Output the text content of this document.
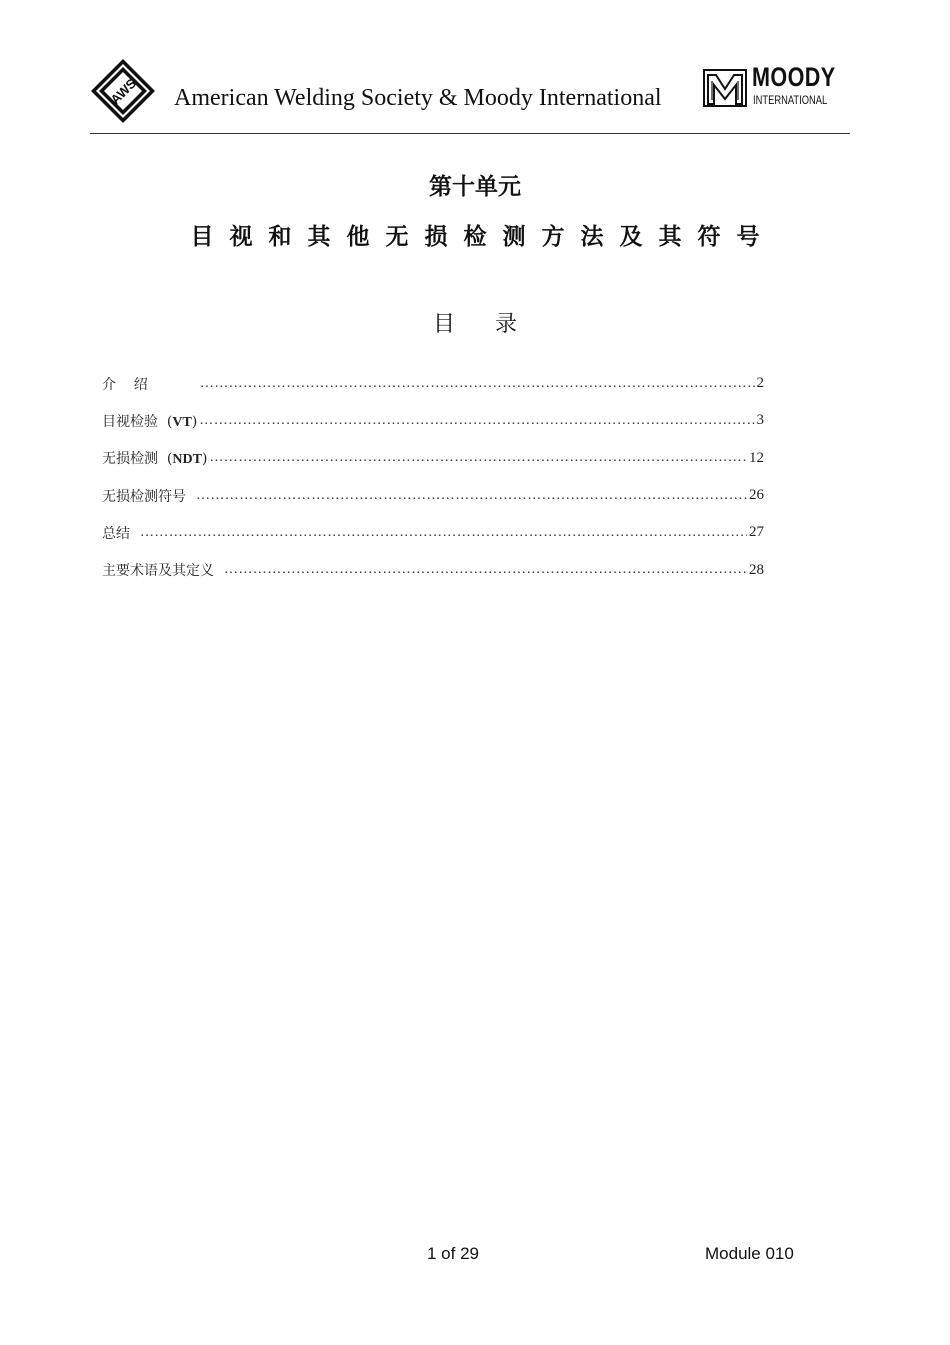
AWS American Welding Society & Moody International
MOODY
INTERNATIONAL
第十单元
目视和其他无损检测方法及其符号
目录
介    绍 …………………………………………………………………………………………………………………………………………………	2
目视检验  (VT) …………………………………………………………………………………………………………………………………………………	3
无损检测  (NDT) …………………………………………………………………………………………………………………………………………………	12
无损检测符号 …………………………………………………………………………………………………………………………………………………	26
总结 …………………………………………………………………………………………………………………………………………………	27
主要术语及其定义 …………………………………………………………………………………………………………………………………………………	28
1 of 29	Module 010
